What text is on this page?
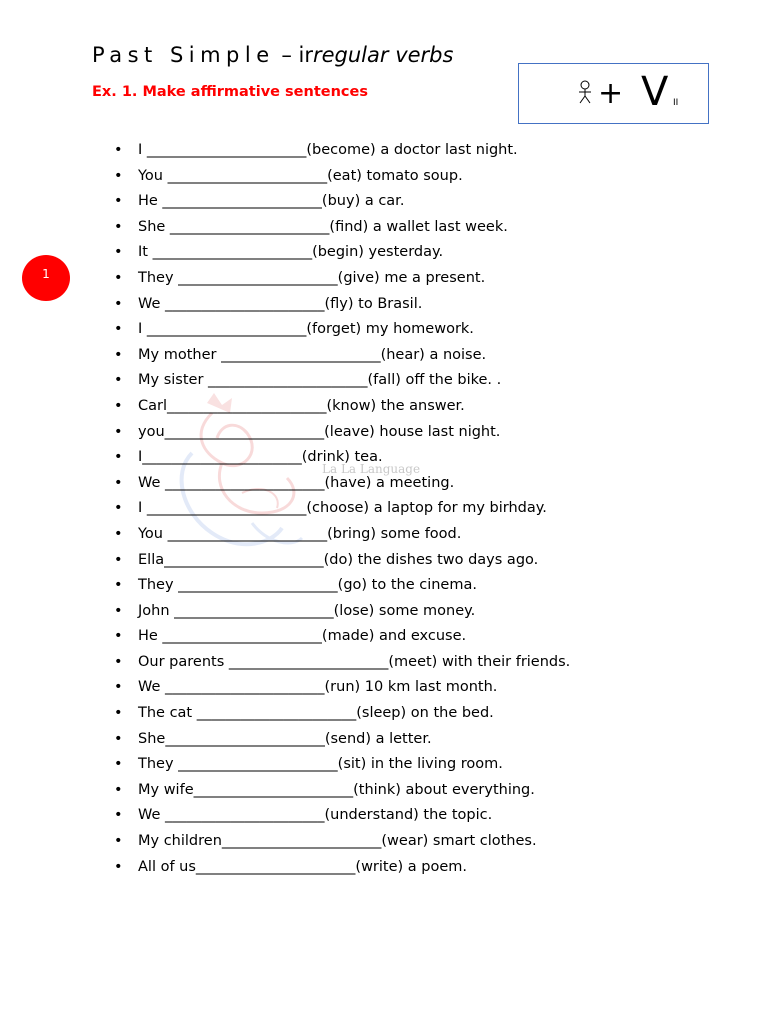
Past Simple – irregular verbs
Ex. 1. Make affirmative sentences	+ V II
1
La La Language
• I ______________________(become) a doctor last night.
• You ______________________(eat) tomato soup.
• He ______________________(buy) a car.
• She ______________________(find) a wallet last week.
• It ______________________(begin) yesterday.
• They ______________________(give) me a present.
• We ______________________(fly) to Brasil.
• I ______________________(forget) my homework.
• My mother ______________________(hear) a noise.
• My sister ______________________(fall) off the bike. .
• Carl______________________(know) the answer.
• you______________________(leave) house last night.
• I______________________(drink) tea.
• We ______________________(have) a meeting.
• I ______________________(choose) a laptop for my birhday.
• You ______________________(bring) some food.
• Ella______________________(do) the dishes two days ago.
• They ______________________(go) to the cinema.
• John ______________________(lose) some money.
• He ______________________(made) and excuse.
• Our parents ______________________(meet) with their friends.
• We ______________________(run) 10 km last month.
• The cat ______________________(sleep) on the bed.
• She______________________(send) a letter.
• They ______________________(sit) in the living room.
• My wife______________________(think) about everything.
• We ______________________(understand) the topic.
• My children______________________(wear) smart clothes.
• All of us______________________(write) a poem.
